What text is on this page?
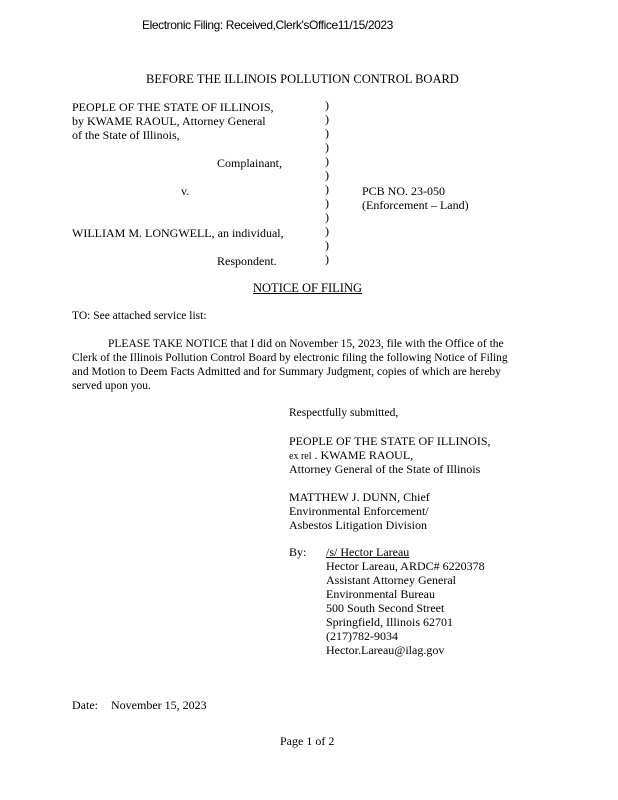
Electronic Filing: Received,Clerk'sOffice11/15/2023
BEFORE THE ILLINOIS POLLUTION CONTROL BOARD
PEOPLE OF THE STATE OF ILLINOIS,
by KWAME RAOUL, Attorney General
of the State of Illinois,
Complainant,
v.	PCB NO. 23-050
(Enforcement – Land)
WILLIAM M. LONGWELL, an individual,
Respondent.
)
)
)
)
)
)
)
)
)
)
)
)
NOTICE OF FILING
TO: See attached service list:
PLEASE TAKE NOTICE that I did on November 15, 2023, file with the Office of the
Clerk of the Illinois Pollution Control Board by electronic filing the following Notice of Filing
and Motion to Deem Facts Admitted and for Summary Judgment, copies of which are hereby
served upon you.
Respectfully submitted,
PEOPLE OF THE STATE OF ILLINOIS,
ex rel . KWAME RAOUL,
Attorney General of the State of Illinois
MATTHEW J. DUNN, Chief
Environmental Enforcement/
Asbestos Litigation Division
By: /s/ Hector Lareau
Hector Lareau, ARDC# 6220378
Assistant Attorney General
Environmental Bureau
500 South Second Street
Springfield, Illinois 62701
(217)782-9034
Hector.Lareau@ilag.gov
Date: November 15, 2023
Page 1 of 2
